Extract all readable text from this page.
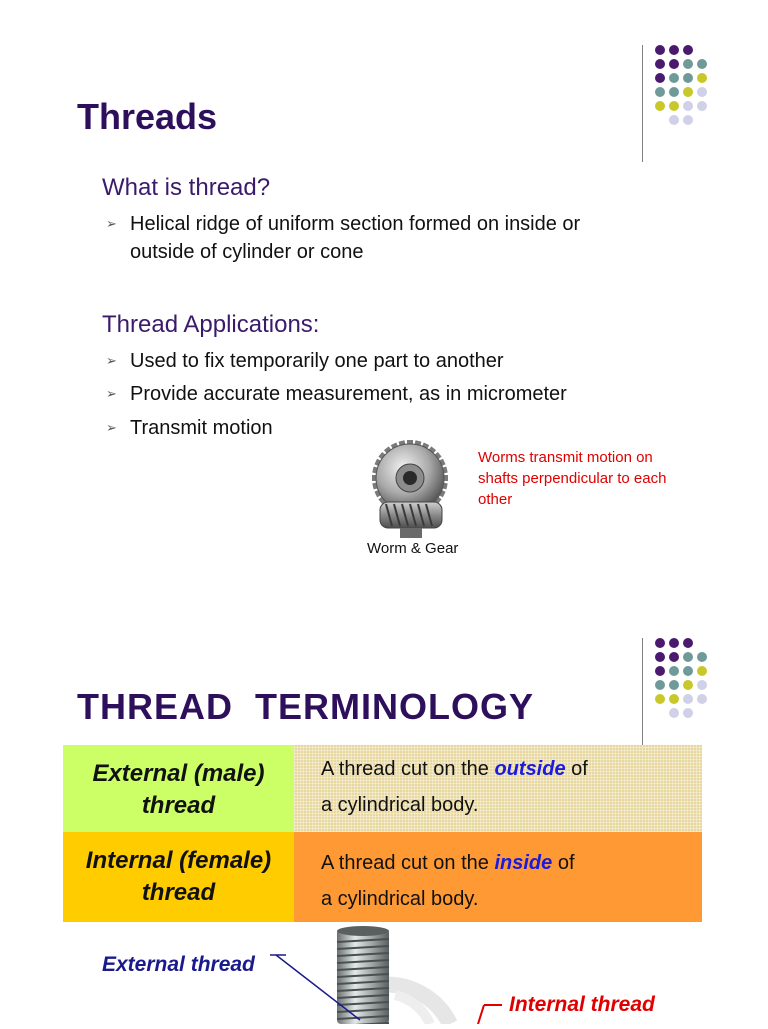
Threads
What is thread?
➢ Helical ridge of uniform section formed on inside or
outside of cylinder or cone
Thread Applications:
➢ Used to fix temporarily one part to another
➢ Provide accurate measurement, as in micrometer
➢ Transmit motion
Worm & Gear
Worms transmit motion on
shafts perpendicular to each
other
THREAD  TERMINOLOGY
External (male)
thread
A thread cut on the outside of
a cylindrical body.
Internal (female)
thread
A thread cut on the inside of
a cylindrical body.
External thread
Internal thread
